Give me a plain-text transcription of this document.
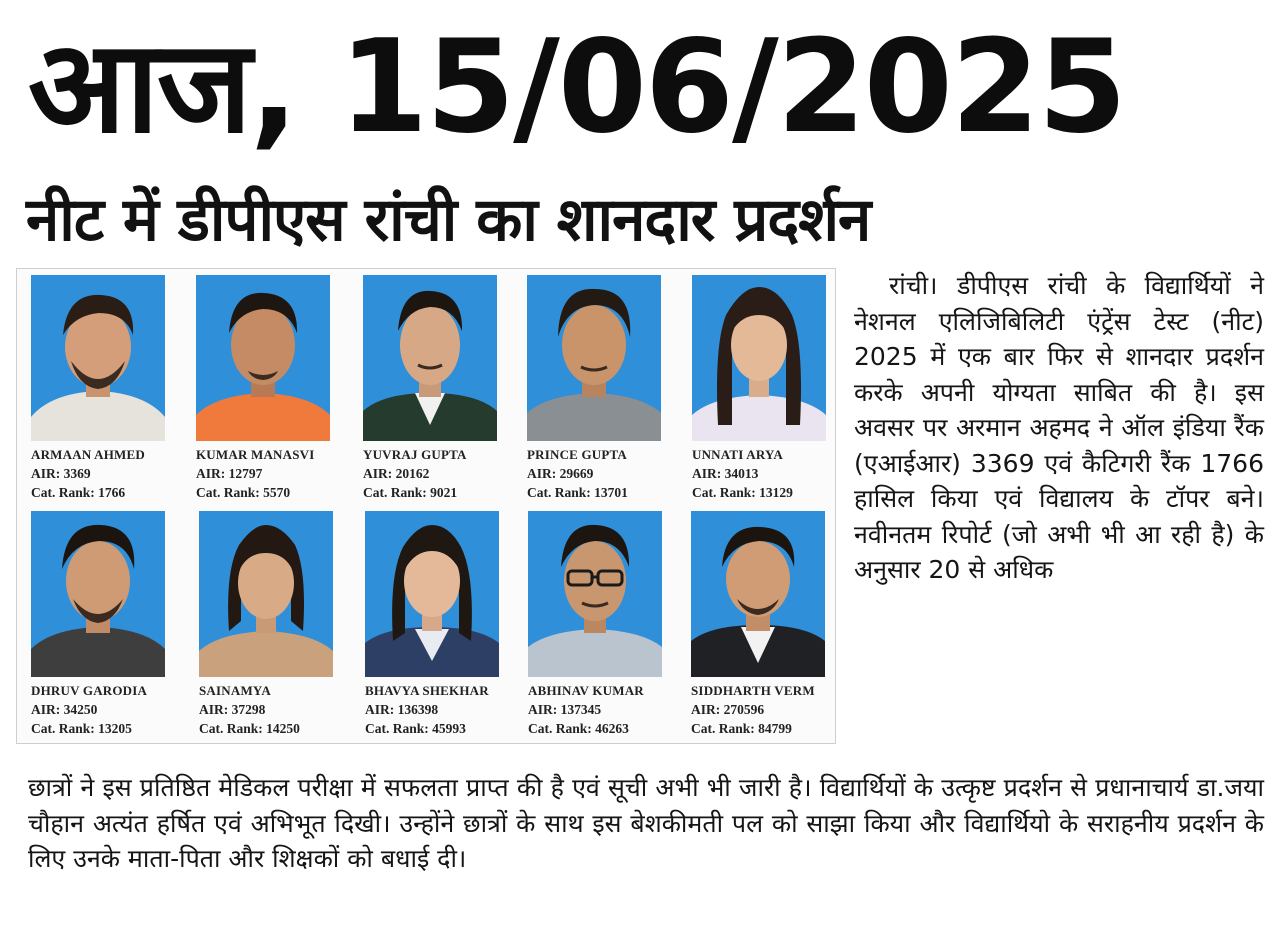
आज, 15/06/2025
नीट में डीपीएस रांची का शानदार प्रदर्शन
ARMAAN AHMED
AIR: 3369
Cat. Rank: 1766
KUMAR MANASVI
AIR: 12797
Cat. Rank: 5570
YUVRAJ GUPTA
AIR: 20162
Cat. Rank: 9021
PRINCE GUPTA
AIR: 29669
Cat. Rank: 13701
UNNATI ARYA
AIR: 34013
Cat. Rank: 13129
DHRUV GARODIA
AIR: 34250
Cat. Rank: 13205
SAINAMYA
AIR: 37298
Cat. Rank: 14250
BHAVYA SHEKHAR
AIR: 136398
Cat. Rank: 45993
ABHINAV KUMAR
AIR: 137345
Cat. Rank: 46263
SIDDHARTH VERM
AIR: 270596
Cat. Rank: 84799

रांची। डीपीएस रांची के विद्यार्थियों ने नेशनल एलिजिबिलिटी एंट्रेंस टेस्ट (नीट) 2025 में एक बार फिर से शानदार प्रदर्शन करके अपनी योग्यता साबित की है। इस अवसर पर अरमान अहमद ने ऑल इंडिया रैंक (एआईआर) 3369 एवं कैटिगरी रैंक 1766 हासिल किया एवं विद्यालय के टॉपर बने। नवीनतम रिपोर्ट (जो अभी भी आ रही है) के अनुसार 20 से अधिक

छात्रों ने इस प्रतिष्ठित मेडिकल परीक्षा में सफलता प्राप्त की है एवं सूची अभी भी जारी है। विद्यार्थियों के उत्कृष्ट प्रदर्शन से प्रधानाचार्य डा.जया चौहान अत्यंत हर्षित एवं अभिभूत दिखी। उन्होंने छात्रों के साथ इस बेशकीमती पल को साझा किया और विद्यार्थियो के सराहनीय प्रदर्शन के लिए उनके माता-पिता और शिक्षकों को बधाई दी।
